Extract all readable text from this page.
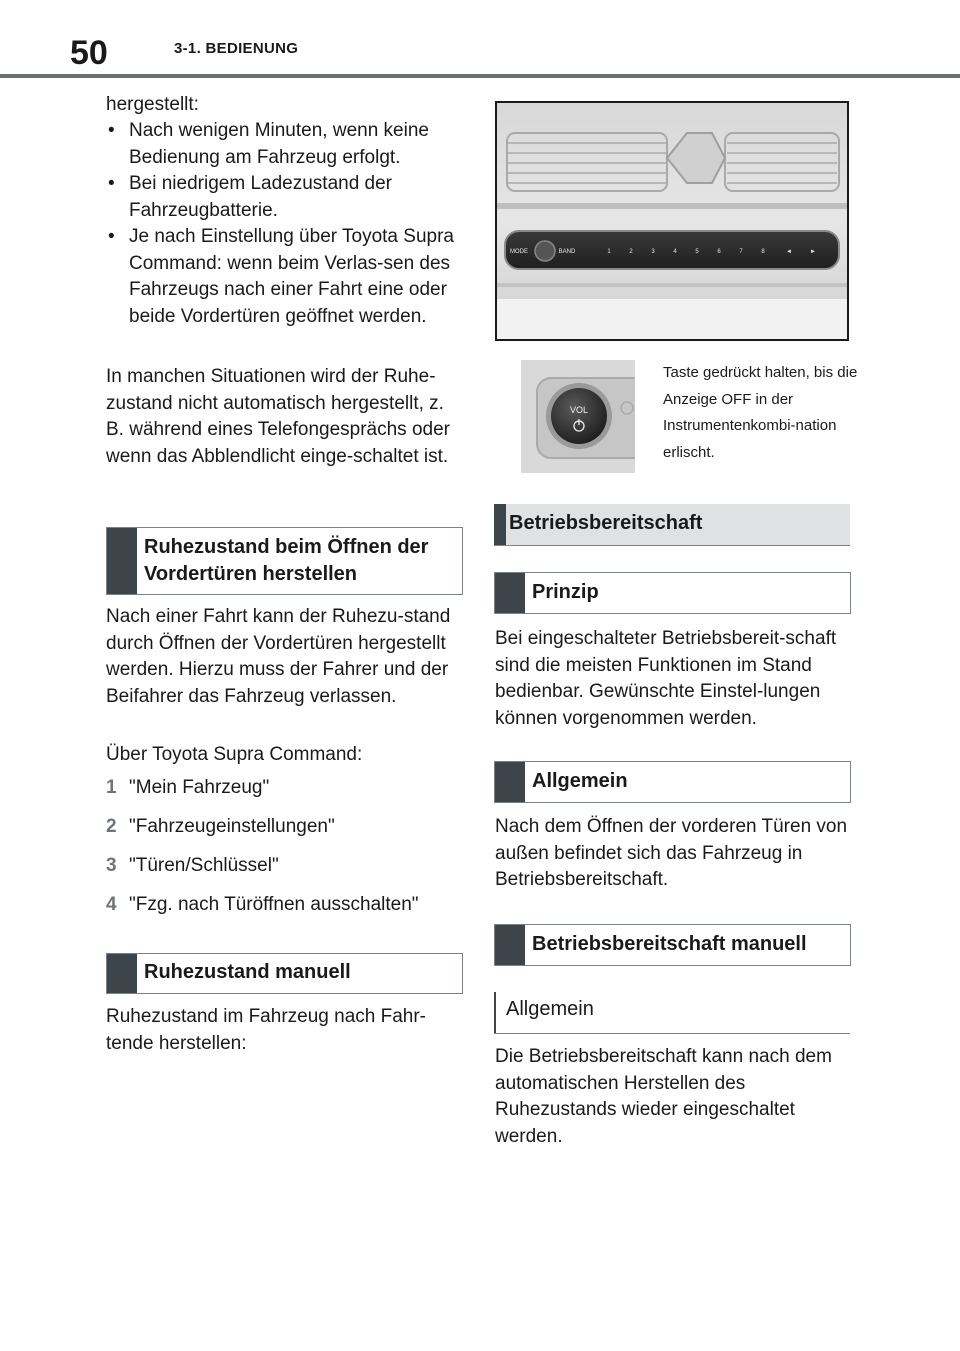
50	3-1. BEDIENUNG
hergestellt:
• Nach wenigen Minuten, wenn keine Bedienung am Fahrzeug erfolgt.
• Bei niedrigem Ladezustand der Fahrzeugbatterie.
• Je nach Einstellung über Toyota Supra Command: wenn beim Verlas-sen des Fahrzeugs nach einer Fahrt eine oder beide Vordertüren geöffnet werden.
In manchen Situationen wird der Ruhe-zustand nicht automatisch hergestellt, z. B. während eines Telefongesprächs oder wenn das Abblendlicht einge-schaltet ist.
Ruhezustand beim Öffnen der Vordertüren herstellen
Nach einer Fahrt kann der Ruhezu-stand durch Öffnen der Vordertüren hergestellt werden. Hierzu muss der Fahrer und der Beifahrer das Fahrzeug verlassen.
Über Toyota Supra Command:
1 "Mein Fahrzeug"
2 "Fahrzeugeinstellungen"
3 "Türen/Schlüssel"
4 "Fzg. nach Türöffnen ausschalten"
Ruhezustand manuell
Ruhezustand im Fahrzeug nach Fahr-tende herstellen:
MODE	BAND	1	2	3	4	5	6	7	8	◄	►
VOL
Taste gedrückt halten, bis die Anzeige OFF in der Instrumentenkombi-nation erlischt.
Betriebsbereitschaft
Prinzip
Bei eingeschalteter Betriebsbereit-schaft sind die meisten Funktionen im Stand bedienbar. Gewünschte Einstel-lungen können vorgenommen werden.
Allgemein
Nach dem Öffnen der vorderen Türen von außen befindet sich das Fahrzeug in Betriebsbereitschaft.
Betriebsbereitschaft manuell
Allgemein
Die Betriebsbereitschaft kann nach dem automatischen Herstellen des Ruhezustands wieder eingeschaltet werden.
